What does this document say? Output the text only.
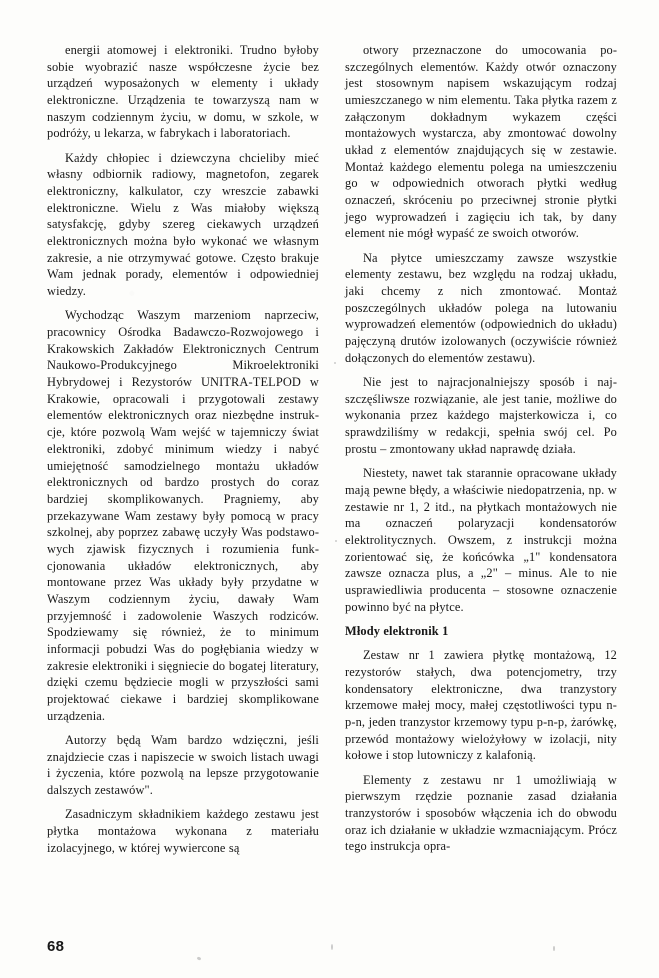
energii atomowej i elektroniki. Trudno byłoby sobie wyobrazić nasze współczesne życie bez urządzeń wyposażonych w elementy i układy elektroniczne. Urządzenia te towarzyszą nam w naszym codziennym życiu, w domu, w szkole, w podróży, u lekarza, w fabrykach i laboratoriach.

Każdy chłopiec i dziewczyna chcieliby mieć własny odbiornik radiowy, magnetofon, zegarek elektroniczny, kalkulator, czy wreszcie zabawki elektroniczne. Wielu z Was miałoby większą satysfakcję, gdyby szereg ciekawych urządzeń elektronicznych można było wykonać we własnym zakresie, a nie otrzymywać gotowe. Często brakuje Wam jednak porady, elementów i odpowiedniej wiedzy.

Wychodząc Waszym marzeniom naprzeciw, pracownicy Ośrodka Badawczo-Rozwojowego i Krakowskich Zakładów Elektronicznych Centrum Naukowo-Produkcyjnego Mikroelektroniki Hybrydowej i Rezystorów UNITRA-TELPOD w Krakowie, opracowali i przygotowali zestawy elementów elektronicznych oraz niezbędne instrukcje, które pozwolą Wam wejść w tajemniczy świat elektroniki, zdobyć minimum wiedzy i nabyć umiejętność samodzielnego montażu układów elektronicznych od bardzo prostych do coraz bardziej skomplikowanych. Pragniemy, aby przekazywane Wam zestawy były pomocą w pracy szkolnej, aby poprzez zabawę uczyły Was podstawowych zjawisk fizycznych i rozumienia funkcjonowania układów elektronicznych, aby montowane przez Was układy były przydatne w Waszym codziennym życiu, dawały Wam przyjemność i zadowolenie Waszych rodziców. Spodziewamy się również, że to minimum informacji pobudzi Was do pogłębiania wiedzy w zakresie elektroniki i sięgniecie do bogatej literatury, dzięki czemu będziecie mogli w przyszłości sami projektować ciekawe i bardziej skomplikowane urządzenia.

Autorzy będą Wam bardzo wdzięczni, jeśli znajdziecie czas i napiszecie w swoich listach uwagi i życzenia, które pozwolą na lepsze przygotowanie dalszych zestawów".

Zasadniczym składnikiem każdego zestawu jest płytka montażowa wykonana z materiału izolacyjnego, w której wywiercone są

otwory przeznaczone do umocowania poszczególnych elementów. Każdy otwór oznaczony jest stosownym napisem wskazującym rodzaj umieszczanego w nim elementu. Taka płytka razem z załączonym dokładnym wykazem części montażowych wystarcza, aby zmontować dowolny układ z elementów znajdujących się w zestawie. Montaż każdego elementu polega na umieszczeniu go w odpowiednich otworach płytki według oznaczeń, skróceniu po przeciwnej stronie płytki jego wyprowadzeń i zagięciu ich tak, by dany element nie mógł wypaść ze swoich otworów.

Na płytce umieszczamy zawsze wszystkie elementy zestawu, bez względu na rodzaj układu, jaki chcemy z nich zmontować. Montaż poszczególnych układów polega na lutowaniu wyprowadzeń elementów (odpowiednich do układu) pajęczyną drutów izolowanych (oczywiście również dołączonych do elementów zestawu).

Nie jest to najracjonalniejszy sposób i najszczęśliwsze rozwiązanie, ale jest tanie, możliwe do wykonania przez każdego majsterkowicza i, co sprawdziliśmy w redakcji, spełnia swój cel. Po prostu – zmontowany układ naprawdę działa.

Niestety, nawet tak starannie opracowane układy mają pewne błędy, a właściwie niedopatrzenia, np. w zestawie nr 1, 2 itd., na płytkach montażowych nie ma oznaczeń polaryzacji kondensatorów elektrolitycznych. Owszem, z instrukcji można zorientować się, że końcówka „1" kondensatora zawsze oznacza plus, a „2" – minus. Ale to nie usprawiedliwia producenta – stosowne oznaczenie powinno być na płytce.

Młody elektronik 1

Zestaw nr 1 zawiera płytkę montażową, 12 rezystorów stałych, dwa potencjometry, trzy kondensatory elektroniczne, dwa tranzystory krzemowe małej mocy, małej częstotliwości typu n-p-n, jeden tranzystor krzemowy typu p-n-p, żarówkę, przewód montażowy wielożyłowy w izolacji, nity kołowe i stop lutowniczy z kalafonią.

Elementy z zestawu nr 1 umożliwiają w pierwszym rzędzie poznanie zasad działania tranzystorów i sposobów włączenia ich do obwodu oraz ich działanie w układzie wzmacniającym. Prócz tego instrukcja opra-

68
